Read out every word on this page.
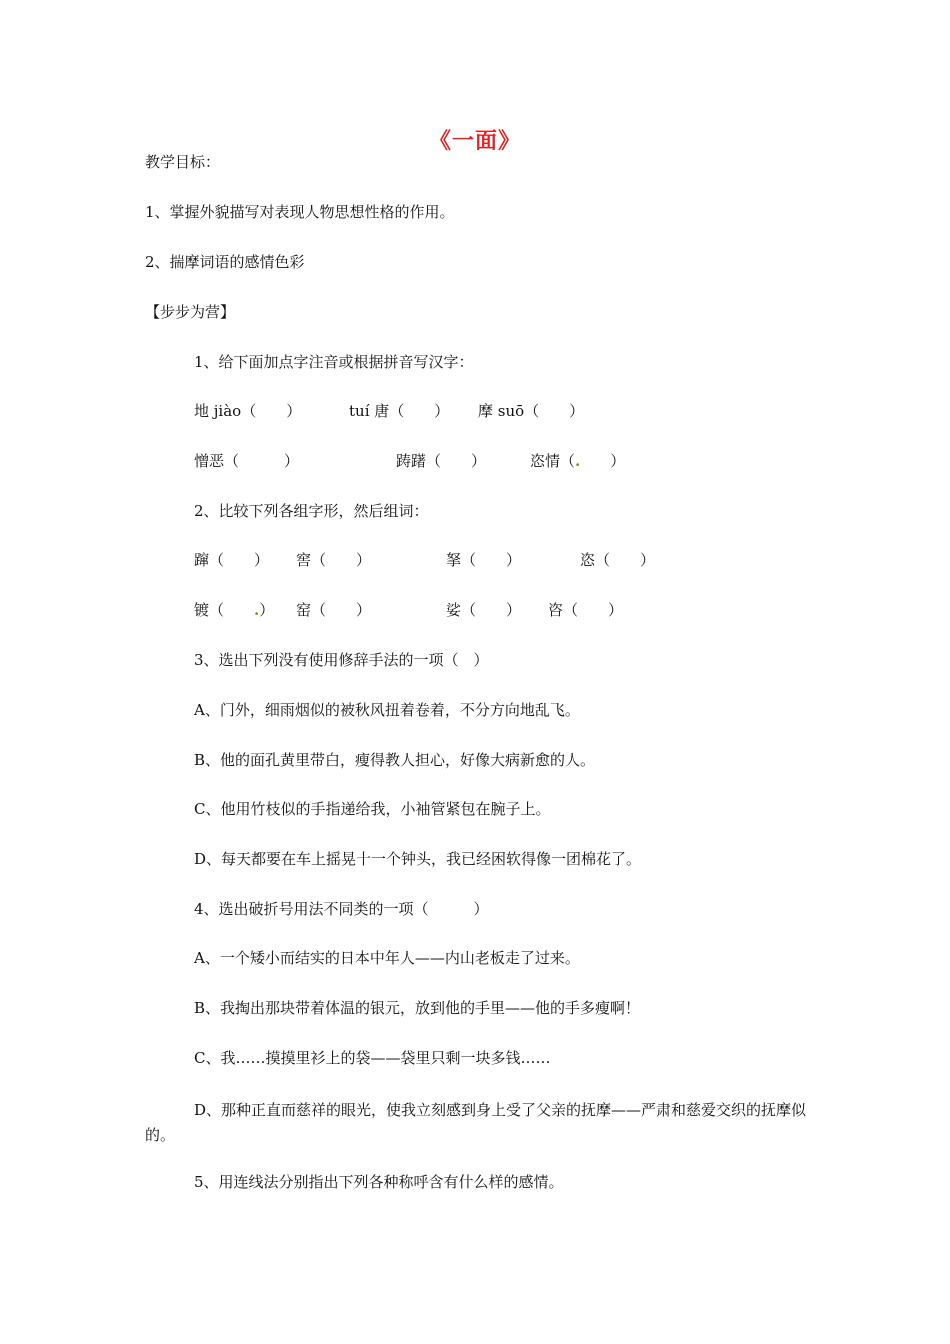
《一面》
教学目标：
1、掌握外貌描写对表现人物思想性格的作用。
2、揣摩词语的感情色彩
【步步为营】
1、给下面加点字注音或根据拼音写汉字：
地 jiào（　　）	tuí 唐（　　） 摩 suō（　　）
憎恶（　　　）	踌躇（　　）	恣情（.　　）
2、比较下列各组字形，然后组词：
蹿（　　） 窖（　　）	拏（　　）	恣（　　）
镀（　　.） 窑（　　）	娑（　　） 咨（　　）
3、选出下列没有使用修辞手法的一项（　）
A、门外，细雨烟似的被秋风扭着卷着，不分方向地乱飞。
B、他的面孔黄里带白，瘦得教人担心，好像大病新愈的人。
C、他用竹枝似的手指递给我，小袖管紧包在腕子上。
D、每天都要在车上摇晃十一个钟头，我已经困软得像一团棉花了。
4、选出破折号用法不同类的一项（　　　）
A、一个矮小而结实的日本中年人——内山老板走了过来。
B、我掏出那块带着体温的银元，放到他的手里——他的手多瘦啊！
C、我……摸摸里衫上的袋——袋里只剩一块多钱……
D、那种正直而慈祥的眼光，使我立刻感到身上受了父亲的抚摩——严肃和慈爱交织的抚摩似的。
5、用连线法分别指出下列各种称呼含有什么样的感情。
